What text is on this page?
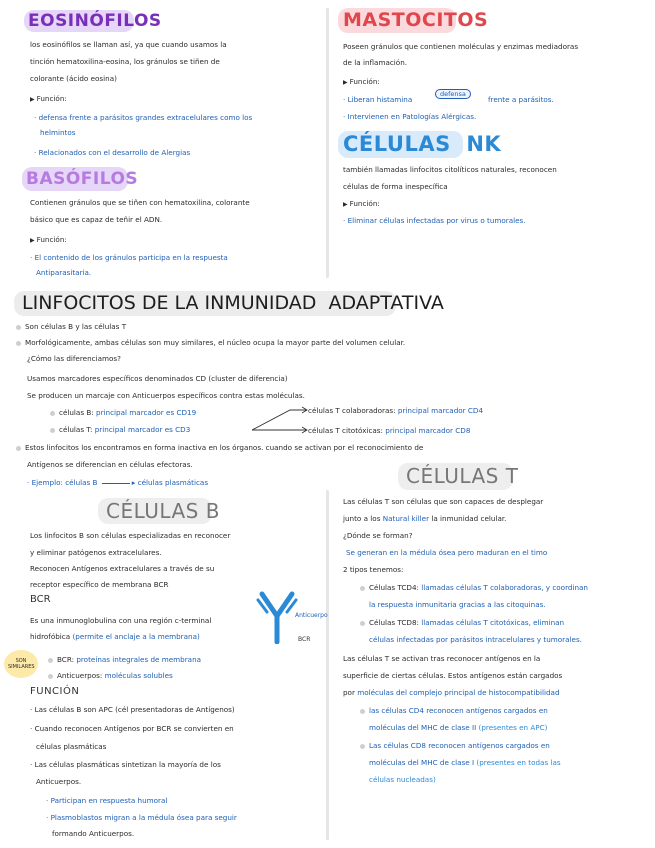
EOSINÓFILOS
los eosinófilos se llaman así, ya que cuando usamos la
tinción hematoxilina-eosina, los gránulos se tiñen de
colorante (ácido eosina)
▶ Función:
· defensa frente a parásitos grandes extracelulares como los
helmintos
· Relacionados con el desarrollo de Alergias
BASÓFILOS
Contienen gránulos que se tiñen con hematoxilina, colorante
básico que es capaz de teñir el ADN.
▶ Función:
· El contenido de los gránulos participa en la respuesta
Antiparasitaria.
MASTOCITOS
Poseen gránulos que contienen moléculas y enzimas mediadoras
de la inflamación.
▶ Función:
· Liberan histamina
defensa
frente a parásitos.
· Intervienen en Patologías Alérgicas.
CÉLULAS  NK
también llamadas linfocitos citolíticos naturales, reconocen
células de forma inespecífica
▶ Función:
· Eliminar células infectadas por virus o tumorales.
LINFOCITOS DE LA INMUNIDAD  ADAPTATIVA
Son células B y las células T
Morfológicamente, ambas células son muy similares, el núcleo ocupa la mayor parte del volumen celular.
¿Cómo las diferenciamos?
Usamos marcadores específicos denominados CD (cluster de diferencia)
Se producen un marcaje con Anticuerpos específicos contra estas moléculas.
células B: principal marcador es CD19
células T: principal marcador es CD3
células T colaboradoras: principal marcador CD4
células T citotóxicas: principal marcador CD8
Estos linfocitos los encontramos en forma inactiva en los órganos. cuando se activan por el reconocimiento de
Antígenos se diferencian en células efectoras.
· Ejemplo: células B	▸ células plasmáticas
CÉLULAS B
Los linfocitos B son células especializadas en reconocer
y eliminar patógenos extracelulares.
Reconocen Antígenos extracelulares a través de su
receptor específico de membrana BCR
BCR
Es una inmunoglobulina con una región c-terminal
hidrofóbica (permite el anclaje a la membrana)
Anticuerpo
BCR
SON SIMILARES
BCR: proteínas integrales de membrana
Anticuerpos: moléculas solubles
FUNCIÓN
· Las células B son APC (cél presentadoras de Antígenos)
· Cuando reconocen Antígenos por BCR se convierten en
células plasmáticas
· Las células plasmáticas sintetizan la mayoría de los
Anticuerpos.
· Participan en respuesta humoral
· Plasmoblastos migran a la médula ósea para seguir
formando Anticuerpos.
CÉLULAS T
Las células T son células que son capaces de desplegar
junto a los Natural killer la inmunidad celular.
¿Dónde se forman?
Se generan en la médula ósea pero maduran en el timo
2 tipos tenemos:
Células TCD4: llamadas células T colaboradoras, y coordinan
la respuesta inmunitaria gracias a las citoquinas.
Células TCD8: llamadas células T citotóxicas, eliminan
células infectadas por parásitos intracelulares y tumorales.
Las células T se activan tras reconocer antígenos en la
superficie de ciertas células. Estos antígenos están cargados
por moléculas del complejo principal de histocompatibilidad
las células CD4 reconocen antígenos cargados en
moléculas del MHC de clase II (presentes en APC)
Las células CD8 reconocen antígenos cargados en
moléculas del MHC de clase I (presentes en todas las
células nucleadas)
